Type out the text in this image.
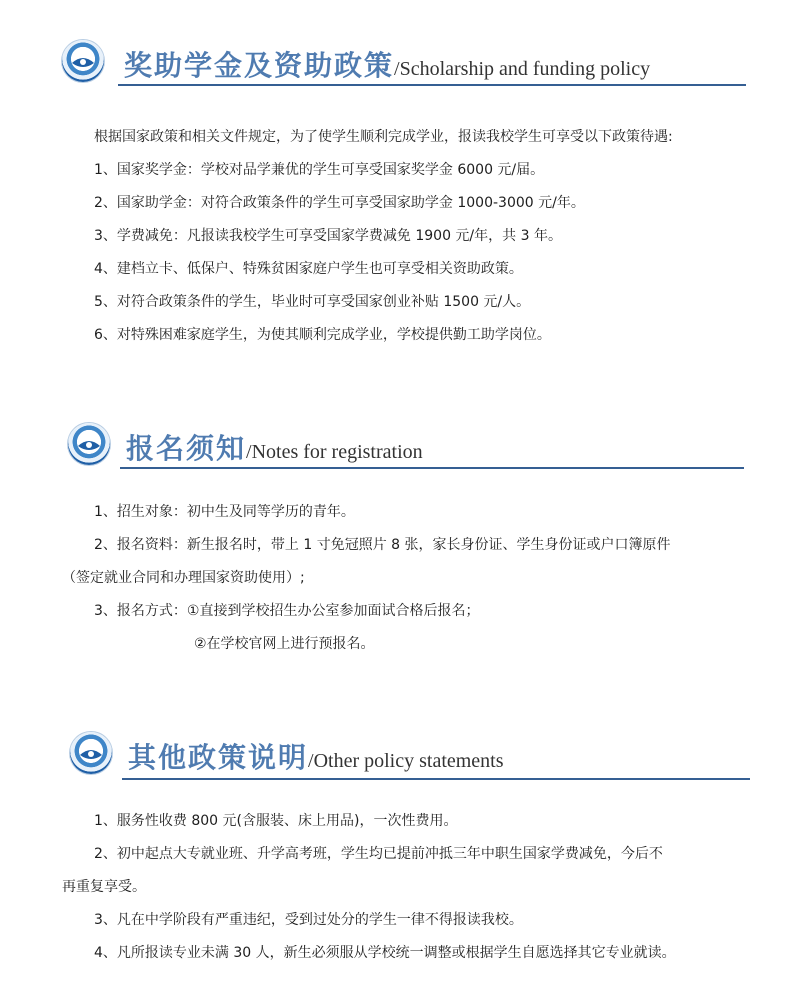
奖助学金及资助政策/Scholarship and funding policy
根据国家政策和相关文件规定，为了使学生顺利完成学业，报读我校学生可享受以下政策待遇:
1、国家奖学金：学校对品学兼优的学生可享受国家奖学金 6000 元/届。
2、国家助学金：对符合政策条件的学生可享受国家助学金 1000-3000 元/年。
3、学费减免：凡报读我校学生可享受国家学费减免 1900 元/年，共 3 年。
4、建档立卡、低保户、特殊贫困家庭户学生也可享受相关资助政策。
5、对符合政策条件的学生，毕业时可享受国家创业补贴 1500 元/人。
6、对特殊困难家庭学生，为使其顺利完成学业，学校提供勤工助学岗位。
报名须知/Notes for registration
1、招生对象：初中生及同等学历的青年。
2、报名资料：新生报名时，带上 1 寸免冠照片 8 张，家长身份证、学生身份证或户口簿原件
（签定就业合同和办理国家资助使用）;
3、报名方式：①直接到学校招生办公室参加面试合格后报名；
②在学校官网上进行预报名。
其他政策说明/Other policy statements
1、服务性收费 800 元(含服装、床上用品)，一次性费用。
2、初中起点大专就业班、升学高考班，学生均已提前冲抵三年中职生国家学费减免，今后不
再重复享受。
3、凡在中学阶段有严重违纪，受到过处分的学生一律不得报读我校。
4、凡所报读专业未满 30 人，新生必须服从学校统一调整或根据学生自愿选择其它专业就读。
